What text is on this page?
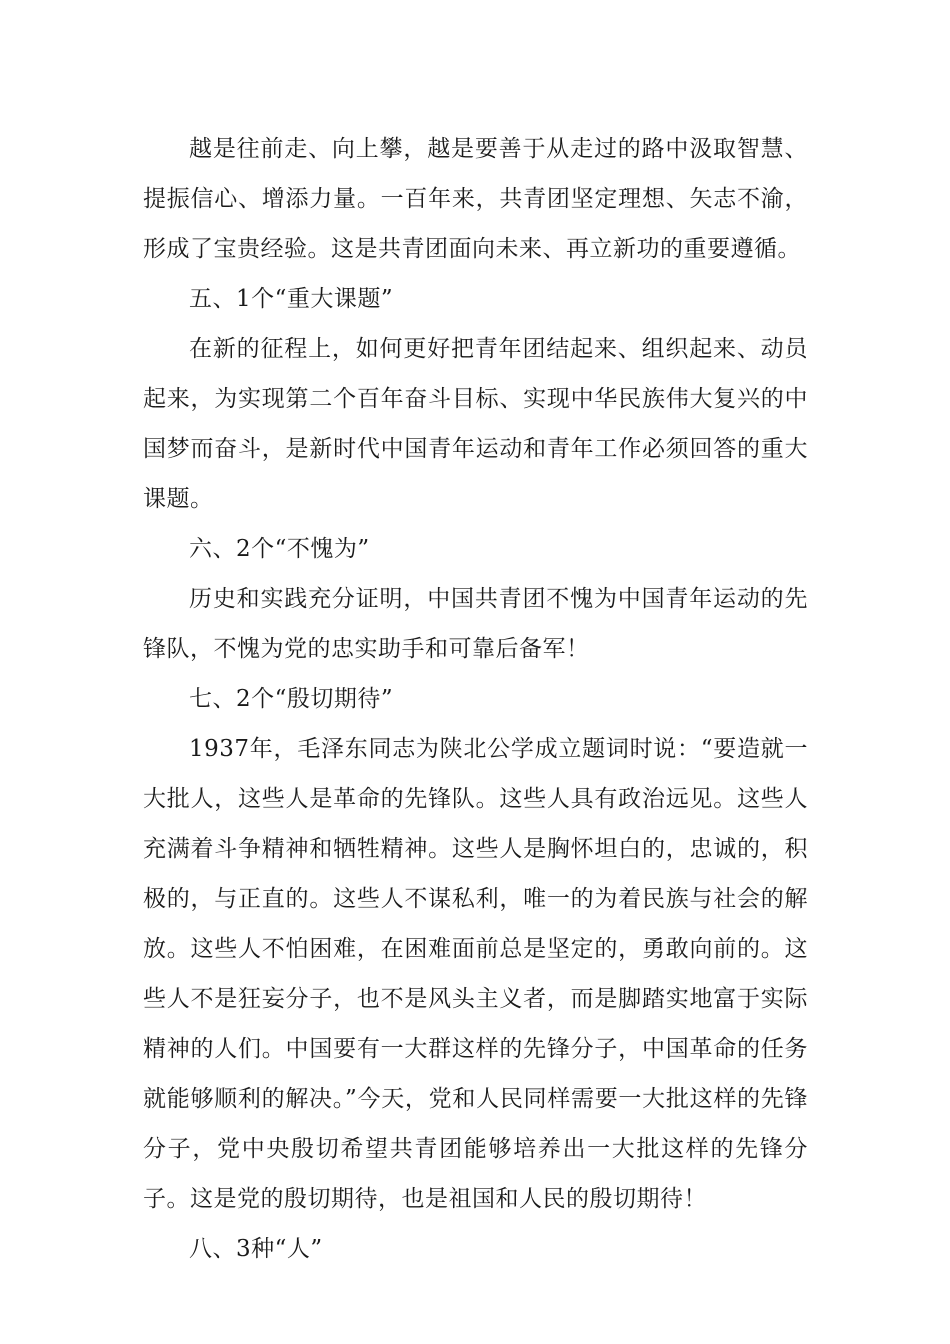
越是往前走、向上攀，越是要善于从走过的路中汲取智慧、提振信心、增添力量。一百年来，共青团坚定理想、矢志不渝，形成了宝贵经验。这是共青团面向未来、再立新功的重要遵循。

五、1个“重大课题”

在新的征程上，如何更好把青年团结起来、组织起来、动员起来，为实现第二个百年奋斗目标、实现中华民族伟大复兴的中国梦而奋斗，是新时代中国青年运动和青年工作必须回答的重大课题。

六、2个“不愧为”

历史和实践充分证明，中国共青团不愧为中国青年运动的先锋队，不愧为党的忠实助手和可靠后备军！

七、2个“殷切期待”

1937年，毛泽东同志为陕北公学成立题词时说：“要造就一大批人，这些人是革命的先锋队。这些人具有政治远见。这些人充满着斗争精神和牺牲精神。这些人是胸怀坦白的，忠诚的，积极的，与正直的。这些人不谋私利，唯一的为着民族与社会的解放。这些人不怕困难，在困难面前总是坚定的，勇敢向前的。这些人不是狂妄分子，也不是风头主义者，而是脚踏实地富于实际精神的人们。中国要有一大群这样的先锋分子，中国革命的任务就能够顺利的解决。”今天，党和人民同样需要一大批这样的先锋分子，党中央殷切希望共青团能够培养出一大批这样的先锋分子。这是党的殷切期待，也是祖国和人民的殷切期待！

八、3种“人”
